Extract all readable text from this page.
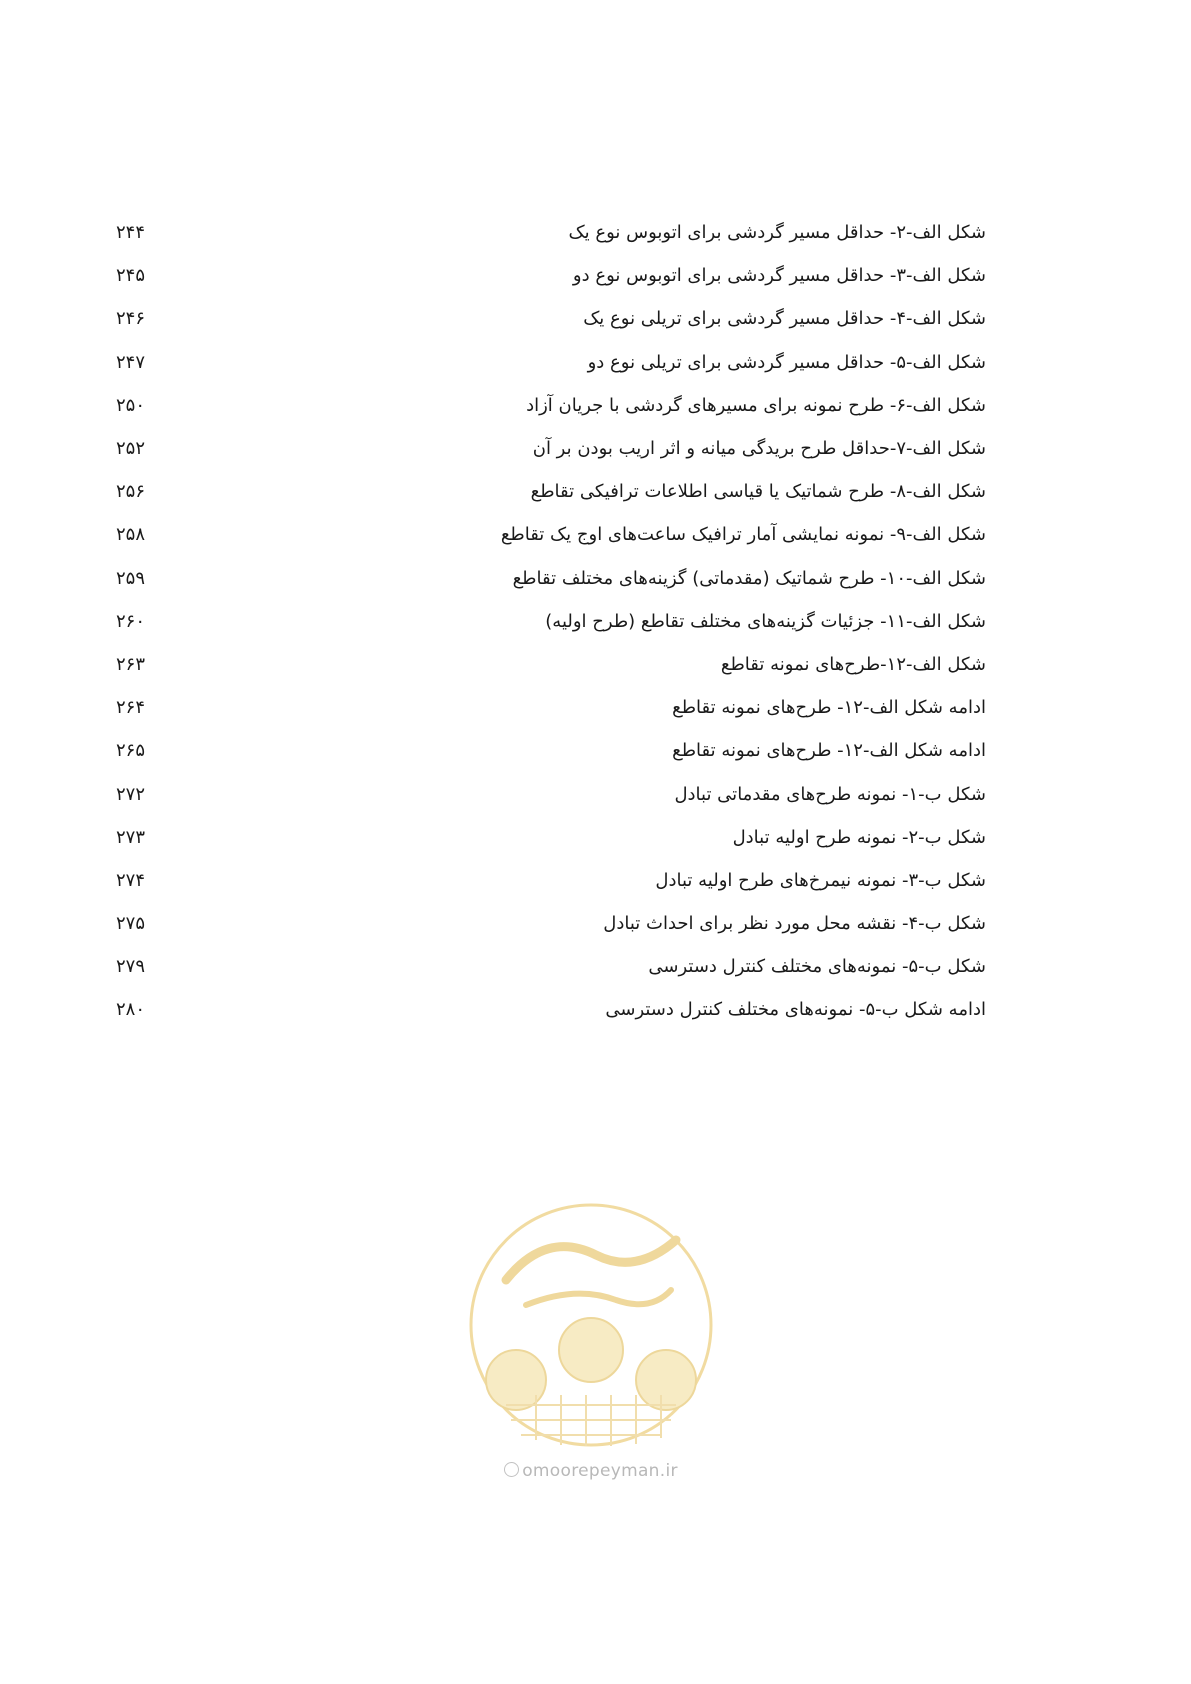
۲۴۴	شکل الف-۲- حداقل مسیر گردشی برای اتوبوس نوع یک
۲۴۵	شکل الف-۳- حداقل مسیر گردشی برای اتوبوس نوع دو
۲۴۶	شکل الف-۴- حداقل مسیر گردشی برای تریلی نوع یک
۲۴۷	شکل الف-۵- حداقل مسیر گردشی برای تریلی نوع دو
۲۵۰	شکل الف-۶- طرح نمونه برای مسیرهای گردشی با جریان آزاد
۲۵۲	شکل الف-۷-حداقل طرح بریدگی میانه و اثر اریب بودن بر آن
۲۵۶	شکل الف-۸- طرح شماتیک یا قیاسی اطلاعات ترافیکی تقاطع
۲۵۸	شکل الف-۹- نمونه نمایشی آمار ترافیک ساعت‌های اوج یک تقاطع
۲۵۹	شکل الف-۱۰- طرح شماتیک (مقدماتی) گزینه‌های مختلف تقاطع
۲۶۰	شکل الف-۱۱- جزئیات گزینه‌های مختلف تقاطع (طرح اولیه)
۲۶۳	شکل الف-۱۲-طرح‌های نمونه تقاطع
۲۶۴	ادامه شکل الف-۱۲- طرح‌های نمونه تقاطع
۲۶۵	ادامه شکل الف-۱۲- طرح‌های نمونه تقاطع
۲۷۲	شکل ب-۱- نمونه طرح‌های مقدماتی تبادل
۲۷۳	شکل ب-۲- نمونه طرح اولیه تبادل
۲۷۴	شکل ب-۳- نمونه نیمرخ‌های طرح اولیه تبادل
۲۷۵	شکل ب-۴- نقشه محل مورد نظر برای احداث تبادل
۲۷۹	شکل ب-۵- نمونه‌های مختلف کنترل دسترسی
۲۸۰	ادامه شکل ب-۵- نمونه‌های مختلف کنترل دسترسی
omoorepeyman.ir
